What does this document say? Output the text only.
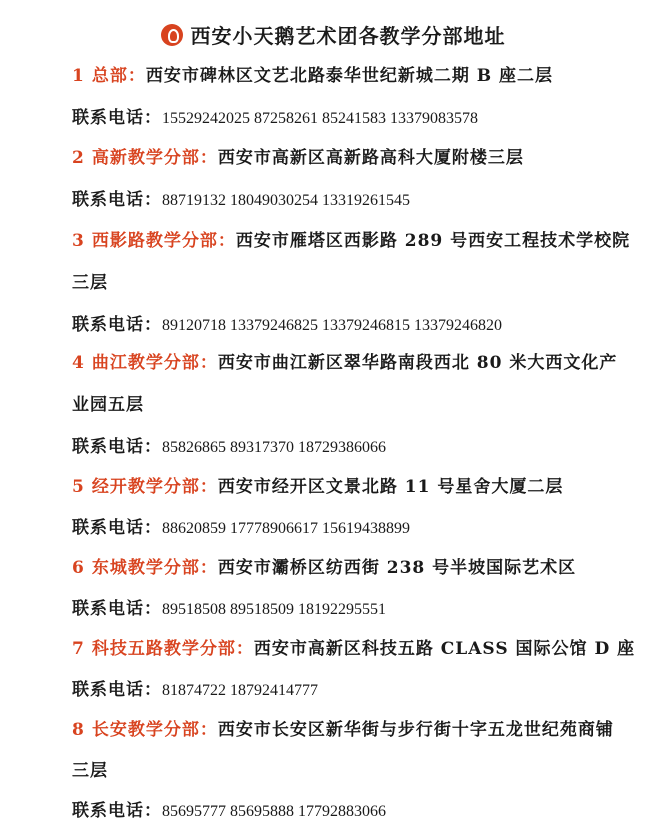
西安小天鹅艺术团各教学分部地址
1 总部：西安市碑林区文艺北路泰华世纪新城二期 B 座二层
联系电话：15529242025 87258261 85241583 13379083578
2 高新教学分部：西安市高新区高新路高科大厦附楼三层
联系电话：88719132 18049030254 13319261545
3 西影路教学分部：西安市雁塔区西影路 289 号西安工程技术学校院
三层
联系电话：89120718 13379246825 13379246815 13379246820
4 曲江教学分部：西安市曲江新区翠华路南段西北 80 米大西文化产
业园五层
联系电话：85826865 89317370 18729386066
5 经开教学分部：西安市经开区文景北路 11 号星舍大厦二层
联系电话：88620859 17778906617 15619438899
6 东城教学分部：西安市灞桥区纺西街 238 号半坡国际艺术区
联系电话：89518508 89518509 18192295551
7 科技五路教学分部：西安市高新区科技五路 CLASS 国际公馆 D 座
联系电话：81874722 18792414777
8 长安教学分部：西安市长安区新华街与步行街十字五龙世纪苑商铺
三层
联系电话：85695777 85695888 17792883066
